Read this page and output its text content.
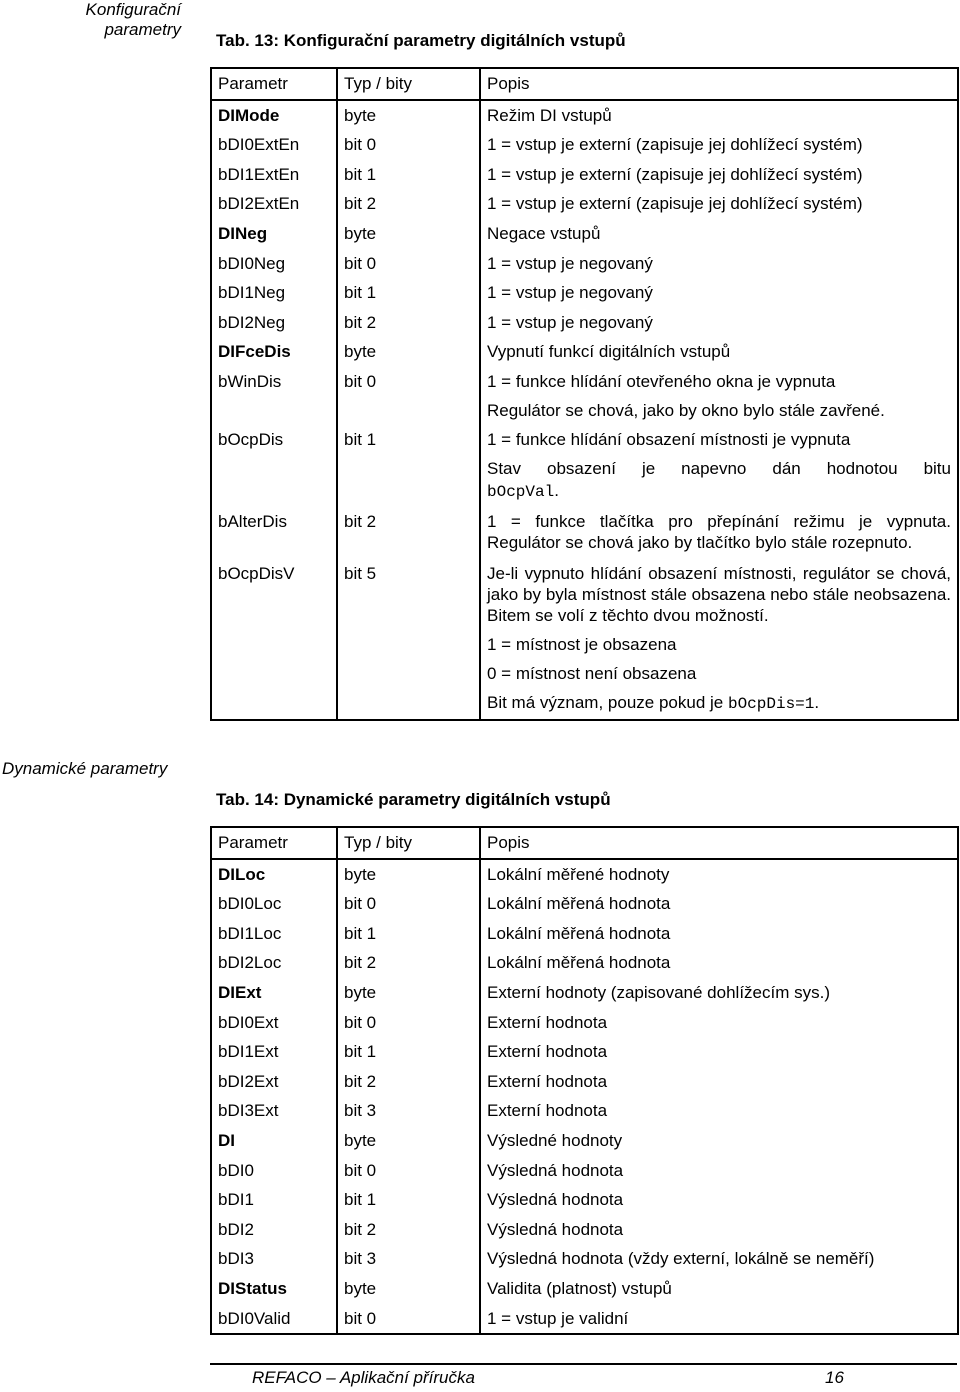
Konfigurační parametry
Dynamické parametry
Tab. 13: Konfigurační parametry digitálních vstupů
Parametr	Typ / bity	Popis
DIMode	byte	Režim DI vstupů
bDI0ExtEn	bit 0	1 = vstup je externí (zapisuje jej dohlížecí systém)
bDI1ExtEn	bit 1	1 = vstup je externí (zapisuje jej dohlížecí systém)
bDI2ExtEn	bit 2	1 = vstup je externí (zapisuje jej dohlížecí systém)
DINeg	byte	Negace vstupů
bDI0Neg	bit 0	1 = vstup je negovaný
bDI1Neg	bit 1	1 = vstup je negovaný
bDI2Neg	bit 2	1 = vstup je negovaný
DIFceDis	byte	Vypnutí funkcí digitálních vstupů
bWinDis	bit 0	1 = funkce hlídání otevřeného okna je vypnuta
Regulátor se chová, jako by okno bylo stále zavřené.

bOcpDis	bit 1	1 = funkce hlídání obsazení místnosti je vypnuta
Stav obsazení je napevno dán hodnotou bitu
bOcpVal.

bAlterDis	bit 2	1 = funkce tlačítka pro přepínání režimu je vypnuta. Regulátor se chová jako by tlačítko bylo stále rozepnuto.
bOcpDisV	bit 5	Je-li vypnuto hlídání obsazení místnosti, regulátor se chová, jako by byla místnost stále obsazena nebo stále neobsazena. Bitem se volí z těchto dvou možností.
1 = místnost je obsazena
0 = místnost není obsazena
Bit má význam, pouze pokud je bOcpDis=1.
Tab. 14: Dynamické parametry digitálních vstupů
Parametr	Typ / bity	Popis
DILoc	byte	Lokální měřené hodnoty
bDI0Loc	bit 0	Lokální měřená hodnota
bDI1Loc	bit 1	Lokální měřená hodnota
bDI2Loc	bit 2	Lokální měřená hodnota
DIExt	byte	Externí hodnoty (zapisované dohlížecím sys.)
bDI0Ext	bit 0	Externí hodnota
bDI1Ext	bit 1	Externí hodnota
bDI2Ext	bit 2	Externí hodnota
bDI3Ext	bit 3	Externí hodnota
DI	byte	Výsledné hodnoty
bDI0	bit 0	Výsledná hodnota
bDI1	bit 1	Výsledná hodnota
bDI2	bit 2	Výsledná hodnota
bDI3	bit 3	Výsledná hodnota (vždy externí, lokálně se neměří)
DIStatus	byte	Validita (platnost) vstupů
bDI0Valid	bit 0	1 = vstup je validní
REFACO – Aplikační příručka	16
